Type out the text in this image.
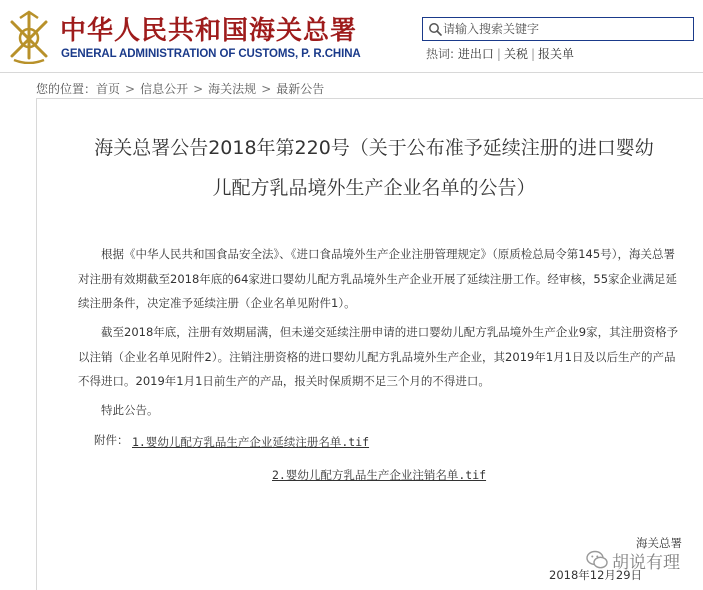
中华人民共和国海关总署
GENERAL ADMINISTRATION OF CUSTOMS, P. R.CHINA
请输入搜索关键字	热词: 进出口 | 关税 | 报关单
您的位置：首页 > 信息公开 > 海关法规 > 最新公告
海关总署公告2018年第220号（关于公布准予延续注册的进口婴幼
儿配方乳品境外生产企业名单的公告）

根据《中华人民共和国食品安全法》、《进口食品境外生产企业注册管理规定》（原质检总局令第145号），海关总署对注册有效期截至2018年底的64家进口婴幼儿配方乳品境外生产企业开展了延续注册工作。经审核，55家企业满足延续注册条件，决定准予延续注册（企业名单见附件1）。

截至2018年底，注册有效期届满，但未递交延续注册申请的进口婴幼儿配方乳品境外生产企业9家，其注册资格予以注销（企业名单见附件2）。注销注册资格的进口婴幼儿配方乳品境外生产企业，其2019年1月1日及以后生产的产品不得进口。2019年1月1日前生产的产品，报关时保质期不足三个月的不得进口。

特此公告。

附件： 1.婴幼儿配方乳品生产企业延续注册名单.tif
2.婴幼儿配方乳品生产企业注销名单.tif
海关总署
2018年12月29日
胡说有理
